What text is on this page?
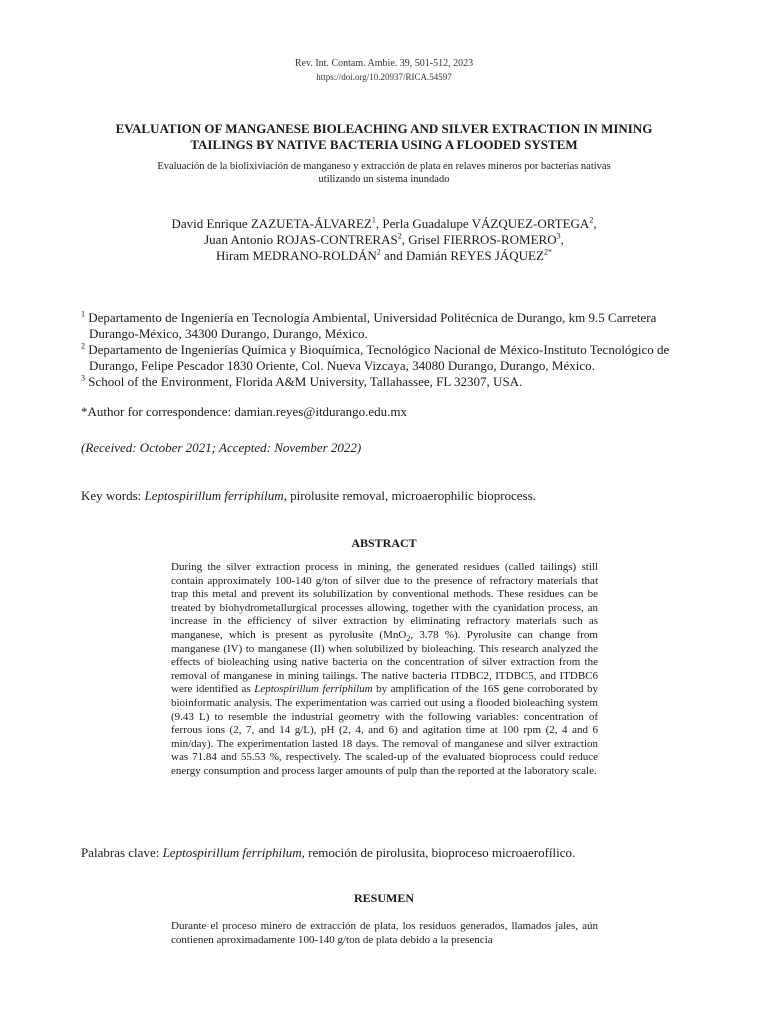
Rev. Int. Contam. Ambie. 39, 501-512, 2023
https://doi.org/10.20937/RICA.54597
EVALUATION OF MANGANESE BIOLEACHING AND SILVER EXTRACTION IN MINING TAILINGS BY NATIVE BACTERIA USING A FLOODED SYSTEM
Evaluación de la biolixiviación de manganeso y extracción de plata en relaves mineros por bacterias nativas utilizando un sistema inundado

David Enrique ZAZUETA-ÁLVAREZ$^1$, Perla Guadalupe VÁZQUEZ-ORTEGA$^2$,

Juan Antonio ROJAS-CONTRERAS$^2$, Grisel FIERROS-ROMERO$^3$,

Hiram MEDRANO-ROLDÁN$^2$ and Damián REYES $JÁQUEZ^{2*}$

$^1$ Departamento de Ingeniería en Tecnología Ambiental, Universidad Politécnica de Durango, km 9.5 Carretera Durango-México, 34300 Durango, Durango, México.

$^2$ Departamento de Ingenierías Química y Bioquímica, Tecnológico Nacional de México-Instituto Tecnológico de Durango, Felipe Pescador 1830 Oriente, Col. Nueva Vizcaya, 34080 Durango, Durango, México.

$^3$ School of the Environment, Florida A&M University, Tallahassee, FL 32307, USA.

*Author for correspondence: damian.reyes@itdurango.edu.mx
(Received: October 2021; Accepted: November 2022)
Key words: Leptospirillum ferriphilum, pirolusite removal, microaerophilic bioprocess.
ABSTRACT
During the silver extraction process in mining, the generated residues (called tailings) still contain approximately 100-140 g/ton of silver due to the presence of refractory materials that trap this metal and prevent its solubilization by conventional methods. These residues can be treated by biohydrometallurgical processes allowing, together with the cyanidation process, an increase in the efficiency of silver extraction by eliminating refractory materials such as manganese, which is present as pyrolusite (MnO$_2$, 3.78 %). Pyrolusite can change from manganese (IV) to manganese (II) when solubilized by bioleaching. This research analyzed the effects of bioleaching using native bacteria on the concentration of silver extraction from the removal of manganese in mining tailings. The native bacteria ITDBC2, ITDBC5, and ITDBC6 were identified as Leptospirillum ferriphilum by amplification of the 16S gene corroborated by bioinformatic analysis. The experimentation was carried out using a flooded bioleaching system (9.43 L) to resemble the industrial geometry with the following variables: concentration of ferrous ions (2, 7, and 14 g/L), pH (2, 4, and 6) and agitation time at 100 rpm (2, 4 and 6 min/day). The experimentation lasted 18 days. The removal of manganese and silver extraction was 71.84 and 55.53 %, respectively. The scaled-up of the evaluated bioprocess could reduce energy consumption and process larger amounts of pulp than the reported at the laboratory scale.
Palabras clave: Leptospirillum ferriphilum, remoción de pirolusita, bioproceso microaerofílico.
RESUMEN
Durante el proceso minero de extracción de plata, los residuos generados, llamados jales, aún contienen aproximadamente 100-140 g/ton de plata debido a la presencia
